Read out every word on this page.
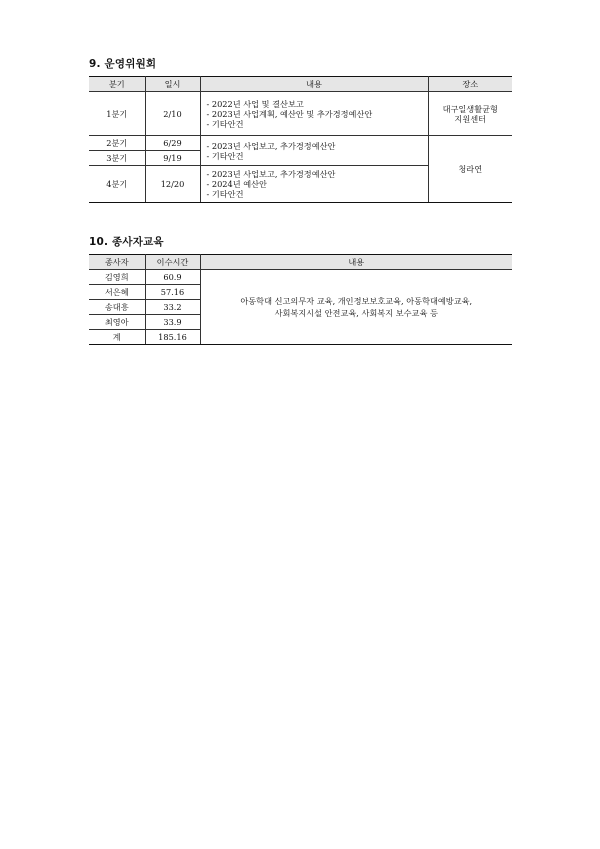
9. 운영위원회
분기	일시	내용	장소
1분기	2/10	- 2022년 사업 및 결산보고
- 2023년 사업계획, 예산안 및 추가경정예산안
- 기타안건	대구일생활균형
지원센터
2분기	6/29	- 2023년 사업보고, 추가경정예산안
- 기타안건	청라연
3분기	9/19		
4분기	12/20	- 2023년 사업보고, 추가경정예산안
- 2024년 예산안
- 기타안건	
10. 종사자교육
종사자	이수시간	내용
김영희	60.9	아동학대 신고의무자 교육, 개인정보보호교육, 아동학대예방교육,
사회복지시설 안전교육, 사회복지 보수교육 등

서은혜	57.16	
송대흥	33.2	
최영아	33.9	
계	185.16	
